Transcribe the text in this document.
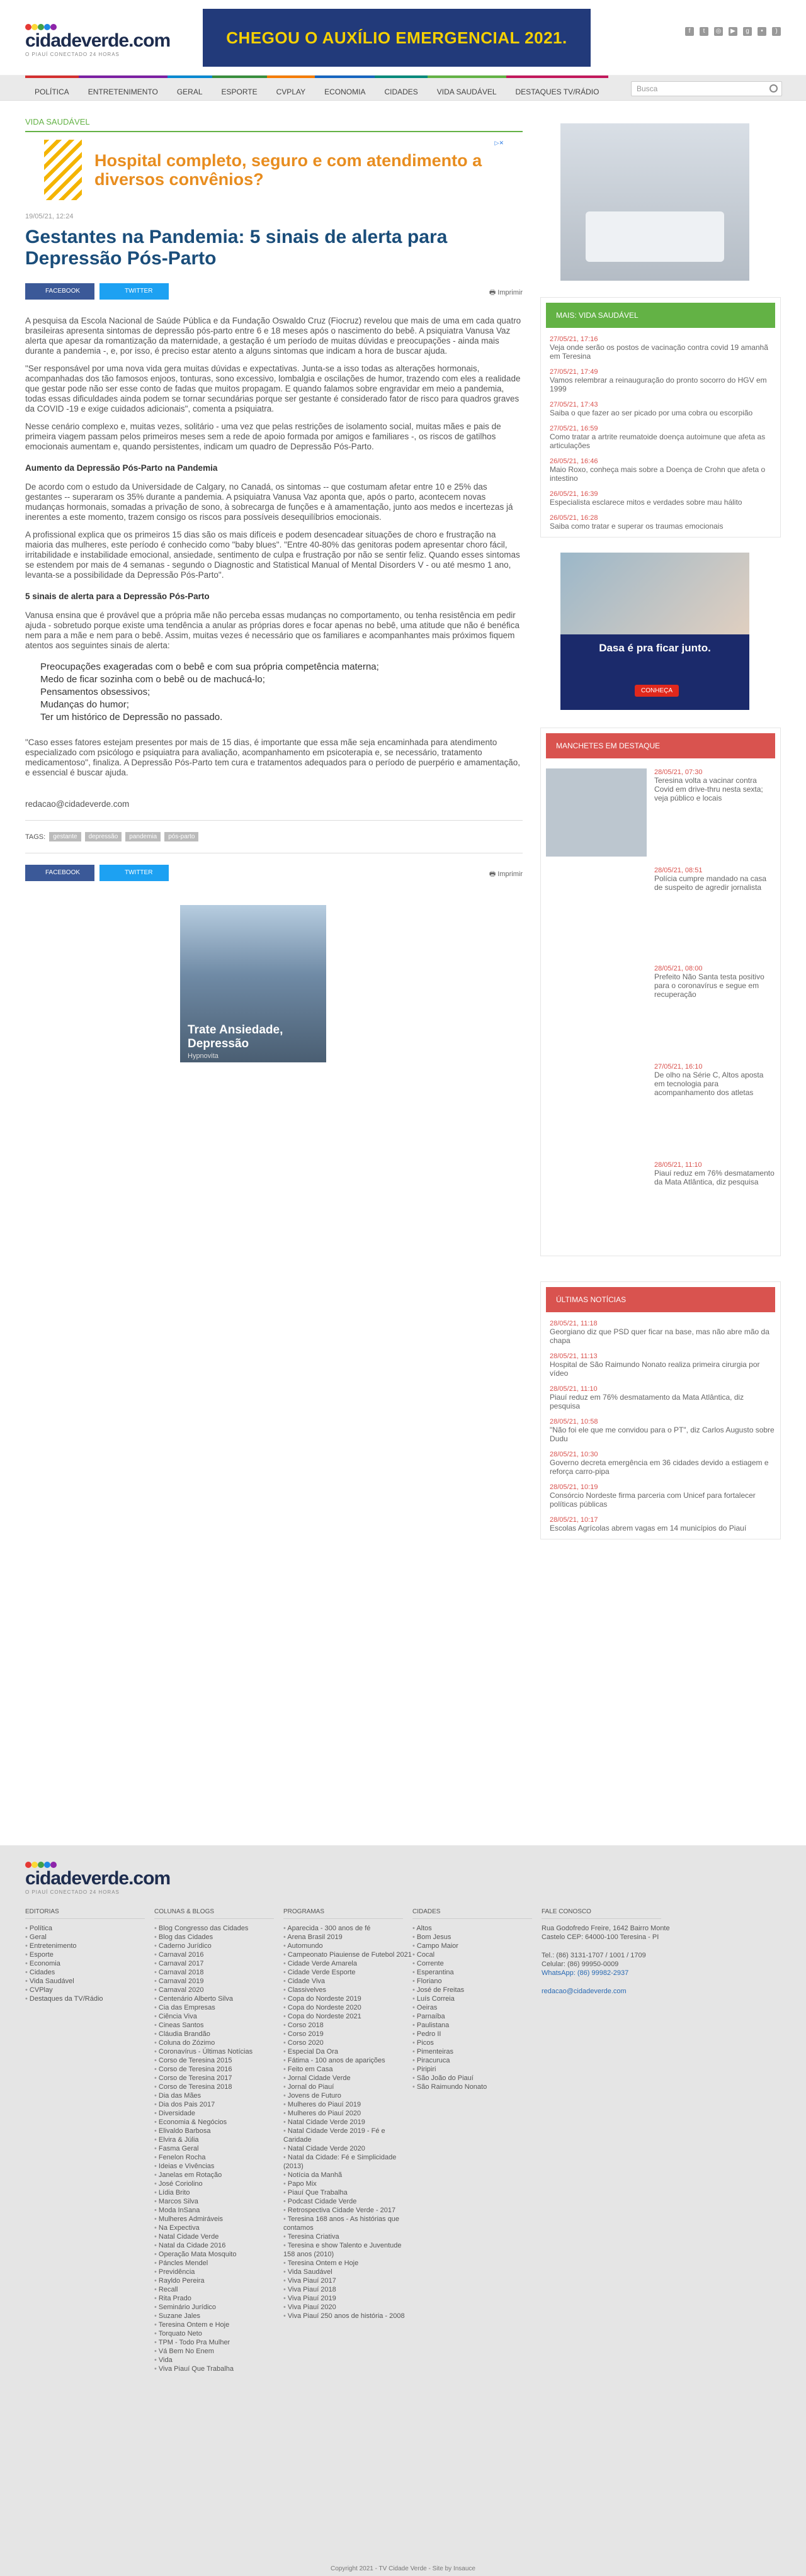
cidadeverde.com
O PIAUÍ CONECTADO 24 HORAS
CHEGOU O AUXÍLIO EMERGENCIAL 2021.	f	t	◎	▶	g	•	)
POLÍTICA	ENTRETENIMENTO	GERAL	ESPORTE	CVPLAY	ECONOMIA	CIDADES	VIDA SAUDÁVEL	DESTAQUES TV/RÁDIO	Busca
VIDA SAUDÁVEL
Hospital completo, seguro e com atendimento a diversos convênios?
▷✕
19/05/21, 12:24
Gestantes na Pandemia: 5 sinais de alerta para Depressão Pós-Parto
FACEBOOK	TWITTER	🖶 Imprimir

A pesquisa da Escola Nacional de Saúde Pública e da Fundação Oswaldo Cruz (Fiocruz) revelou que mais de uma em cada quatro brasileiras apresenta sintomas de depressão pós-parto entre 6 e 18 meses após o nascimento do bebê. A psiquiatra Vanusa Vaz alerta que apesar da romantização da maternidade, a gestação é um período de muitas dúvidas e preocupações - ainda mais durante a pandemia -, e, por isso, é preciso estar atento a alguns sintomas que indicam a hora de buscar ajuda.

"Ser responsável por uma nova vida gera muitas dúvidas e expectativas. Junta-se a isso todas as alterações hormonais, acompanhadas dos tão famosos enjoos, tonturas, sono excessivo, lombalgia e oscilações de humor, trazendo com eles a realidade que gestar pode não ser esse conto de fadas que muitos propagam. E quando falamos sobre engravidar em meio a pandemia, todas essas dificuldades ainda podem se tornar secundárias porque ser gestante é considerado fator de risco para quadros graves da COVID -19 e exige cuidados adicionais", comenta a psiquiatra.

Nesse cenário complexo e, muitas vezes, solitário - uma vez que pelas restrições de isolamento social, muitas mães e pais de primeira viagem passam pelos primeiros meses sem a rede de apoio formada por amigos e familiares -, os riscos de gatilhos emocionais aumentam e, quando persistentes, indicam um quadro de Depressão Pós-Parto.

Aumento da Depressão Pós-Parto na Pandemia

De acordo com o estudo da Universidade de Calgary, no Canadá, os sintomas -- que costumam afetar entre 10 e 25% das gestantes -- superaram os 35% durante a pandemia. A psiquiatra Vanusa Vaz aponta que, após o parto, acontecem novas mudanças hormonais, somadas a privação de sono, à sobrecarga de funções e à amamentação, junto aos medos e incertezas já inerentes a este momento, trazem consigo os riscos para possíveis desequilíbrios emocionais.

A profissional explica que os primeiros 15 dias são os mais difíceis e podem desencadear situações de choro e frustração na maioria das mulheres, este período é conhecido como "baby blues". "Entre 40-80% das genitoras podem apresentar choro fácil, irritabilidade e instabilidade emocional, ansiedade, sentimento de culpa e frustração por não se sentir feliz. Quando esses sintomas se estendem por mais de 4 semanas - segundo o Diagnostic and Statistical Manual of Mental Disorders V - ou até mesmo 1 ano, levanta-se a possibilidade da Depressão Pós-Parto".

5 sinais de alerta para a Depressão Pós-Parto

Vanusa ensina que é provável que a própria mãe não perceba essas mudanças no comportamento, ou tenha resistência em pedir ajuda - sobretudo porque existe uma tendência a anular as próprias dores e focar apenas no bebê, uma atitude que não é benéfica nem para a mãe e nem para o bebê. Assim, muitas vezes é necessário que os familiares e acompanhantes mais próximos fiquem atentos aos seguintes sinais de alerta:

Preocupações exageradas com o bebê e com sua própria competência materna;
Medo de ficar sozinha com o bebê ou de machucá-lo;
Pensamentos obsessivos;
Mudanças do humor;
Ter um histórico de Depressão no passado.

"Caso esses fatores estejam presentes por mais de 15 dias, é importante que essa mãe seja encaminhada para atendimento especializado com psicólogo e psiquiatra para avaliação, acompanhamento em psicoterapia e, se necessário, tratamento medicamentoso", finaliza. A Depressão Pós-Parto tem cura e tratamentos adequados para o período de puerpério e amamentação, e essencial é buscar ajuda.

redacao@cidadeverde.com
TAGS:	gestante	depressão	pandemia	pós-parto
FACEBOOK	TWITTER	🖶 Imprimir
Trate Ansiedade, Depressão
Hypnovita
MAIS: VIDA SAUDÁVEL
27/05/21, 17:16
Veja onde serão os postos de vacinação contra covid 19 amanhã em Teresina
27/05/21, 17:49
Vamos relembrar a reinauguração do pronto socorro do HGV em 1999
27/05/21, 17:43
Saiba o que fazer ao ser picado por uma cobra ou escorpião
27/05/21, 16:59
Como tratar a artrite reumatoide doença autoimune que afeta as articulações
26/05/21, 16:46
Maio Roxo, conheça mais sobre a Doença de Crohn que afeta o intestino
26/05/21, 16:39
Especialista esclarece mitos e verdades sobre mau hálito
26/05/21, 16:28
Saiba como tratar e superar os traumas emocionais
Dasa é pra ficar junto.
CONHEÇA
MANCHETES EM DESTAQUE
28/05/21, 07:30
Teresina volta a vacinar contra Covid em drive-thru nesta sexta; veja público e locais
28/05/21, 08:51
Polícia cumpre mandado na casa de suspeito de agredir jornalista
28/05/21, 08:00
Prefeito Não Santa testa positivo para o coronavírus e segue em recuperação
27/05/21, 16:10
De olho na Série C, Altos aposta em tecnologia para acompanhamento dos atletas
28/05/21, 11:10
Piauí reduz em 76% desmatamento da Mata Atlântica, diz pesquisa
ÚLTIMAS NOTÍCIAS
28/05/21, 11:18
Georgiano diz que PSD quer ficar na base, mas não abre mão da chapa
28/05/21, 11:13
Hospital de São Raimundo Nonato realiza primeira cirurgia por vídeo
28/05/21, 11:10
Piauí reduz em 76% desmatamento da Mata Atlântica, diz pesquisa
28/05/21, 10:58
"Não foi ele que me convidou para o PT", diz Carlos Augusto sobre Dudu
28/05/21, 10:30
Governo decreta emergência em 36 cidades devido a estiagem e reforça carro-pipa
28/05/21, 10:19
Consórcio Nordeste firma parceria com Unicef para fortalecer políticas públicas
28/05/21, 10:17
Escolas Agrícolas abrem vagas em 14 municípios do Piauí
cidadeverde.com
O PIAUÍ CONECTADO 24 HORAS
EDITORIAS
• Política
• Geral
• Entretenimento
• Esporte
• Economia
• Cidades
• Vida Saudável
• CVPlay
• Destaques da TV/Rádio
COLUNAS & BLOGS
• Blog Congresso das Cidades
• Blog das Cidades
• Caderno Jurídico
• Carnaval 2016
• Carnaval 2017
• Carnaval 2018
• Carnaval 2019
• Carnaval 2020
• Centenário Alberto Silva
• Cia das Empresas
• Ciência Viva
• Cineas Santos
• Cláudia Brandão
• Coluna do Zózimo
• Coronavírus - Últimas Notícias
• Corso de Teresina 2015
• Corso de Teresina 2016
• Corso de Teresina 2017
• Corso de Teresina 2018
• Dia das Mães
• Dia dos Pais 2017
• Diversidade
• Economia & Negócios
• Elivaldo Barbosa
• Elvira & Júlia
• Fasma Geral
• Fenelon Rocha
• Ideias e Vivências
• Janelas em Rotação
• José Coriolino
• Lídia Brito
• Marcos Silva
• Moda InSana
• Mulheres Admiráveis
• Na Expectiva
• Natal Cidade Verde
• Natal da Cidade 2016
• Operação Mata Mosquito
• Páncles Mendel
• Previdência
• Rayldo Pereira
• Recall
• Rita Prado
• Seminário Jurídico
• Suzane Jales
• Teresina Ontem e Hoje
• Torquato Neto
• TPM - Todo Pra Mulher
• Vá Bem No Enem
• Vida
• Viva Piauí Que Trabalha
PROGRAMAS
• Aparecida - 300 anos de fé
• Arena Brasil 2019
• Automundo
• Campeonato Piauiense de Futebol 2021
• Cidade Verde Amarela
• Cidade Verde Esporte
• Cidade Viva
• Classivelves
• Copa do Nordeste 2019
• Copa do Nordeste 2020
• Copa do Nordeste 2021
• Corso 2018
• Corso 2019
• Corso 2020
• Especial Da Ora
• Fátima - 100 anos de aparições
• Feito em Casa
• Jornal Cidade Verde
• Jornal do Piauí
• Jovens de Futuro
• Mulheres do Piauí 2019
• Mulheres do Piauí 2020
• Natal Cidade Verde 2019
• Natal Cidade Verde 2019 - Fé e Caridade
• Natal Cidade Verde 2020
• Natal da Cidade: Fé e Simplicidade (2013)
• Notícia da Manhã
• Papo Mix
• Piauí Que Trabalha
• Podcast Cidade Verde
• Retrospectiva Cidade Verde - 2017
• Teresina 168 anos - As histórias que contamos
• Teresina Criativa
• Teresina e show Talento e Juventude 158 anos (2010)
• Teresina Ontem e Hoje
• Vida Saudável
• Viva Piauí 2017
• Viva Piauí 2018
• Viva Piauí 2019
• Viva Piauí 2020
• Viva Piauí 250 anos de história - 2008
CIDADES
• Altos
• Bom Jesus
• Campo Maior
• Cocal
• Corrente
• Esperantina
• Floriano
• José de Freitas
• Luís Correia
• Oeiras
• Parnaíba
• Paulistana
• Pedro II
• Picos
• Pimenteiras
• Piracuruca
• Piripiri
• São João do Piauí
• São Raimundo Nonato
FALE CONOSCO

Rua Godofredo Freire, 1642 Bairro Monte Castelo CEP: 64000-100 Teresina - PI

Tel.: (86) 3131-1707 / 1001 / 1709

Celular: (86) 99950-0009

WhatsApp: (86) 99982-2937

redacao@cidadeverde.com

Copyright 2021 - TV Cidade Verde - Site by Insauce
